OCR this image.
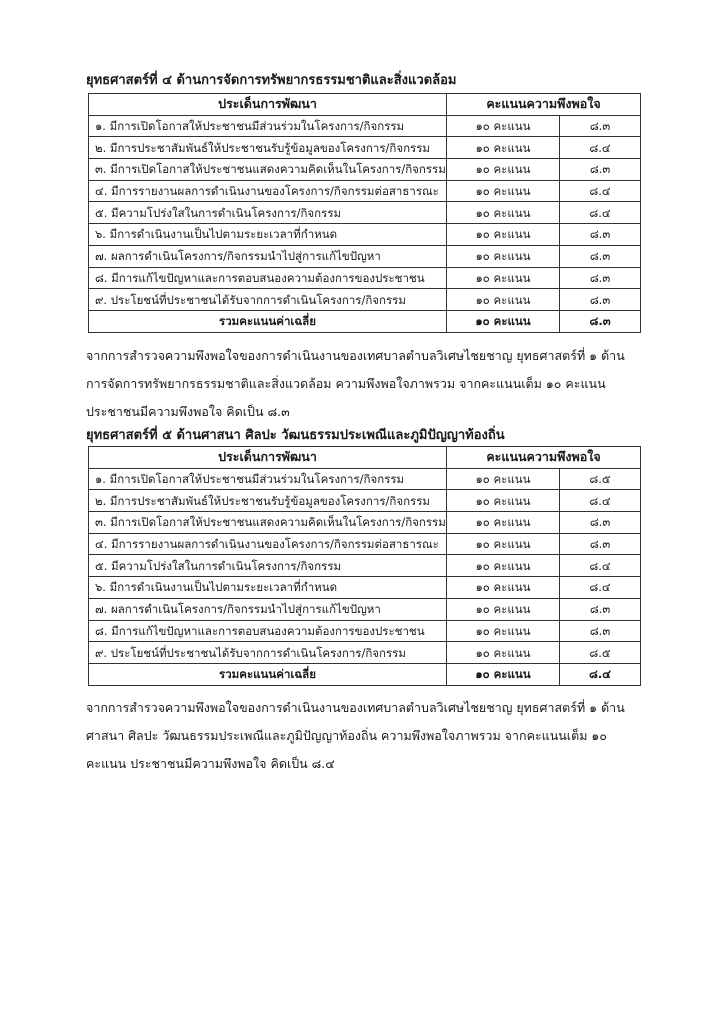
ยุทธศาสตร์ที่ ๔ ด้านการจัดการทรัพยากรธรรมชาติและสิ่งแวดล้อม
ประเด็นการพัฒนา	คะแนนความพึงพอใจ	
๑. มีการเปิดโอกาสให้ประชาชนมีส่วนร่วมในโครงการ/กิจกรรม	๑๐ คะแนน	๘.๓
๒. มีการประชาสัมพันธ์ให้ประชาชนรับรู้ข้อมูลของโครงการ/กิจกรรม	๑๐ คะแนน	๘.๔
๓. มีการเปิดโอกาสให้ประชาชนแสดงความคิดเห็นในโครงการ/กิจกรรม	๑๐ คะแนน	๘.๓
๔. มีการรายงานผลการดำเนินงานของโครงการ/กิจกรรมต่อสาธารณะ	๑๐ คะแนน	๘.๔
๕. มีความโปร่งใสในการดำเนินโครงการ/กิจกรรม	๑๐ คะแนน	๘.๔
๖. มีการดำเนินงานเป็นไปตามระยะเวลาที่กำหนด	๑๐ คะแนน	๘.๓
๗. ผลการดำเนินโครงการ/กิจกรรมนำไปสู่การแก้ไขปัญหา	๑๐ คะแนน	๘.๓
๘. มีการแก้ไขปัญหาและการตอบสนองความต้องการของประชาชน	๑๐ คะแนน	๘.๓
๙. ประโยชน์ที่ประชาชนได้รับจากการดำเนินโครงการ/กิจกรรม	๑๐ คะแนน	๘.๓
รวมคะแนนค่าเฉลี่ย	๑๐ คะแนน	๘.๓
จากการสำรวจความพึงพอใจของการดำเนินงานของเทศบาลตำบลวิเศษไชยชาญ ยุทธศาสตร์ที่ ๑ ด้านการจัดการทรัพยากรธรรมชาติและสิ่งแวดล้อม ความพึงพอใจภาพรวม จากคะแนนเต็ม ๑๐ คะแนน ประชาชนมีความพึงพอใจ คิดเป็น ๘.๓
ยุทธศาสตร์ที่ ๕ ด้านศาสนา ศิลปะ วัฒนธรรมประเพณีและภูมิปัญญาท้องถิ่น
ประเด็นการพัฒนา	คะแนนความพึงพอใจ	
๑. มีการเปิดโอกาสให้ประชาชนมีส่วนร่วมในโครงการ/กิจกรรม	๑๐ คะแนน	๘.๕
๒. มีการประชาสัมพันธ์ให้ประชาชนรับรู้ข้อมูลของโครงการ/กิจกรรม	๑๐ คะแนน	๘.๔
๓. มีการเปิดโอกาสให้ประชาชนแสดงความคิดเห็นในโครงการ/กิจกรรม	๑๐ คะแนน	๘.๓
๔. มีการรายงานผลการดำเนินงานของโครงการ/กิจกรรมต่อสาธารณะ	๑๐ คะแนน	๘.๓
๕. มีความโปร่งใสในการดำเนินโครงการ/กิจกรรม	๑๐ คะแนน	๘.๔
๖. มีการดำเนินงานเป็นไปตามระยะเวลาที่กำหนด	๑๐ คะแนน	๘.๔
๗. ผลการดำเนินโครงการ/กิจกรรมนำไปสู่การแก้ไขปัญหา	๑๐ คะแนน	๘.๓
๘. มีการแก้ไขปัญหาและการตอบสนองความต้องการของประชาชน	๑๐ คะแนน	๘.๓
๙. ประโยชน์ที่ประชาชนได้รับจากการดำเนินโครงการ/กิจกรรม	๑๐ คะแนน	๘.๕
รวมคะแนนค่าเฉลี่ย	๑๐ คะแนน	๘.๔
จากการสำรวจความพึงพอใจของการดำเนินงานของเทศบาลตำบลวิเศษไชยชาญ ยุทธศาสตร์ที่ ๑ ด้านศาสนา ศิลปะ วัฒนธรรมประเพณีและภูมิปัญญาท้องถิ่น ความพึงพอใจภาพรวม จากคะแนนเต็ม ๑๐ คะแนน ประชาชนมีความพึงพอใจ คิดเป็น ๘.๔
